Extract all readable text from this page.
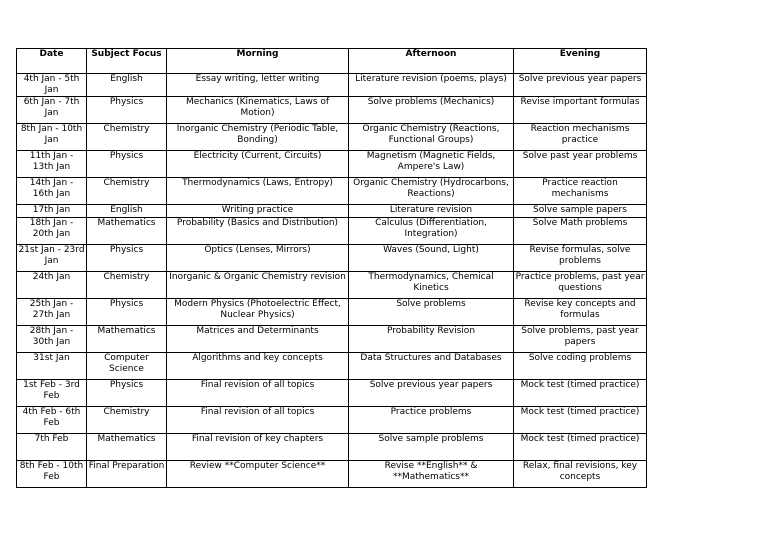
Date	Subject Focus	Morning	Afternoon	Evening
4th Jan - 5th Jan	English	Essay writing, letter writing	Literature revision (poems, plays)	Solve previous year papers
6th Jan - 7th Jan	Physics	Mechanics (Kinematics, Laws of Motion)	Solve problems (Mechanics)	Revise important formulas
8th Jan - 10th Jan	Chemistry	Inorganic Chemistry (Periodic Table, Bonding)	Organic Chemistry (Reactions, Functional Groups)	Reaction mechanisms practice
11th Jan - 13th Jan	Physics	Electricity (Current, Circuits)	Magnetism (Magnetic Fields, Ampere's Law)	Solve past year problems
14th Jan - 16th Jan	Chemistry	Thermodynamics (Laws, Entropy)	Organic Chemistry (Hydrocarbons, Reactions)	Practice reaction mechanisms
17th Jan	English	Writing practice	Literature revision	Solve sample papers
18th Jan - 20th Jan	Mathematics	Probability (Basics and Distribution)	Calculus (Differentiation, Integration)	Solve Math problems
21st Jan - 23rd Jan	Physics	Optics (Lenses, Mirrors)	Waves (Sound, Light)	Revise formulas, solve problems
24th Jan	Chemistry	Inorganic & Organic Chemistry revision	Thermodynamics, Chemical Kinetics	Practice problems, past year questions
25th Jan - 27th Jan	Physics	Modern Physics (Photoelectric Effect, Nuclear Physics)	Solve problems	Revise key concepts and formulas
28th Jan - 30th Jan	Mathematics	Matrices and Determinants	Probability Revision	Solve problems, past year papers
31st Jan	Computer Science	Algorithms and key concepts	Data Structures and Databases	Solve coding problems
1st Feb - 3rd Feb	Physics	Final revision of all topics	Solve previous year papers	Mock test (timed practice)
4th Feb - 6th Feb	Chemistry	Final revision of all topics	Practice problems	Mock test (timed practice)
7th Feb	Mathematics	Final revision of key chapters	Solve sample problems	Mock test (timed practice)
8th Feb - 10th Feb	Final Preparation	Review **Computer Science**	Revise **English** & **Mathematics**	Relax, final revisions, key concepts
